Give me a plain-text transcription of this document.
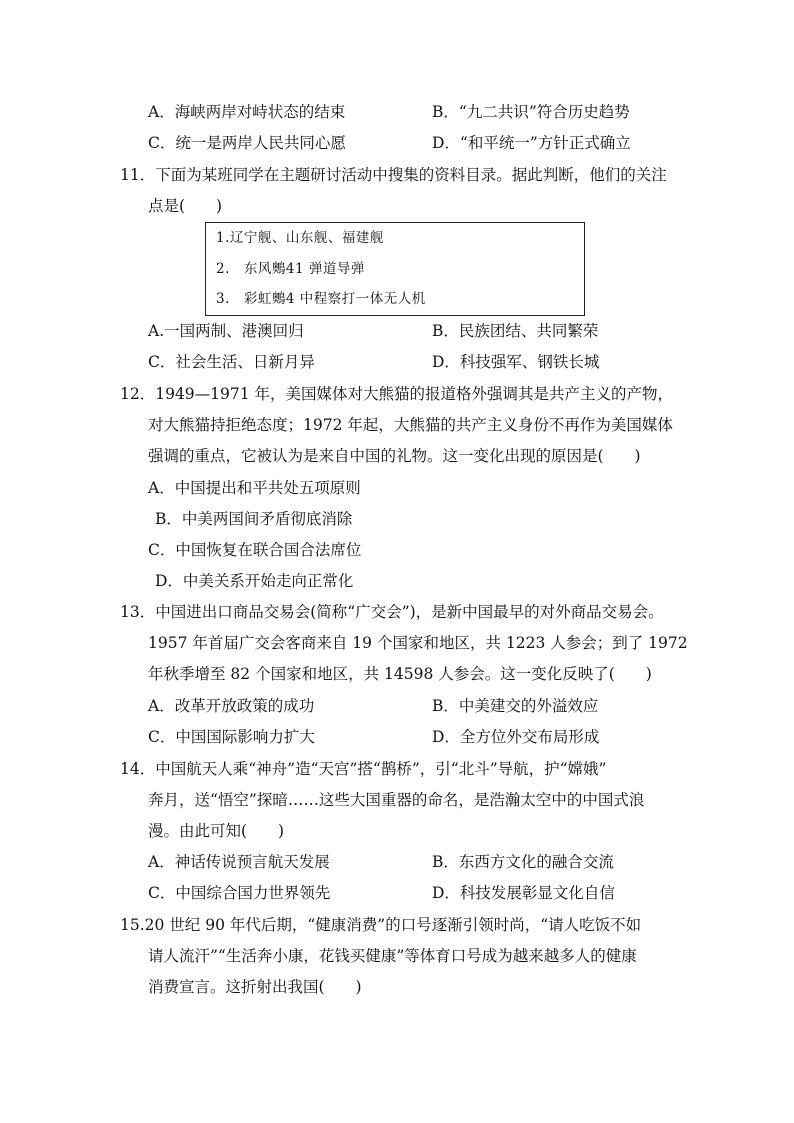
A．海峡两岸对峙状态的结束	B．“九二共识”符合历史趋势
C．统一是两岸人民共同心愿	D．“和平统一”方针正式确立
11．下面为某班同学在主题研讨活动中搜集的资料目录。据此判断，他们的关注
点是(　　)
1.辽宁舰、山东舰、福建舰
2.　东风䴈41 弹道导弹
3.　彩虹䴈4 中程察打一体无人机
A.一国两制、港澳回归	B．民族团结、共同繁荣
C．社会生活、日新月异	D．科技强军、钢铁长城
12．1949—1971 年，美国媒体对大熊猫的报道格外强调其是共产主义的产物，
对大熊猫持拒绝态度；1972 年起，大熊猫的共产主义身份不再作为美国媒体
强调的重点，它被认为是来自中国的礼物。这一变化出现的原因是(　　)
A．中国提出和平共处五项原则
B．中美两国间矛盾彻底消除
C．中国恢复在联合国合法席位
D．中美关系开始走向正常化
13．中国进出口商品交易会(简称“广交会”)，是新中国最早的对外商品交易会。
1957 年首届广交会客商来自 19 个国家和地区，共 1223 人参会；到了 1972
年秋季增至 82 个国家和地区，共 14598 人参会。这一变化反映了(　　)
A．改革开放政策的成功	B．中美建交的外溢效应
C．中国国际影响力扩大	D．全方位外交布局形成
14．中国航天人乘“神舟”造“天宫”搭“鹊桥”，引“北斗”导航，护“嫦娥”
奔月，送“悟空”探暗……这些大国重器的命名，是浩瀚太空中的中国式浪
漫。由此可知(　　)
A．神话传说预言航天发展	B．东西方文化的融合交流
C．中国综合国力世界领先	D．科技发展彰显文化自信
15.20 世纪 90 年代后期，“健康消费”的口号逐渐引领时尚，“请人吃饭不如
请人流汗”“生活奔小康，花钱买健康”等体育口号成为越来越多人的健康
消费宣言。这折射出我国(　　)
